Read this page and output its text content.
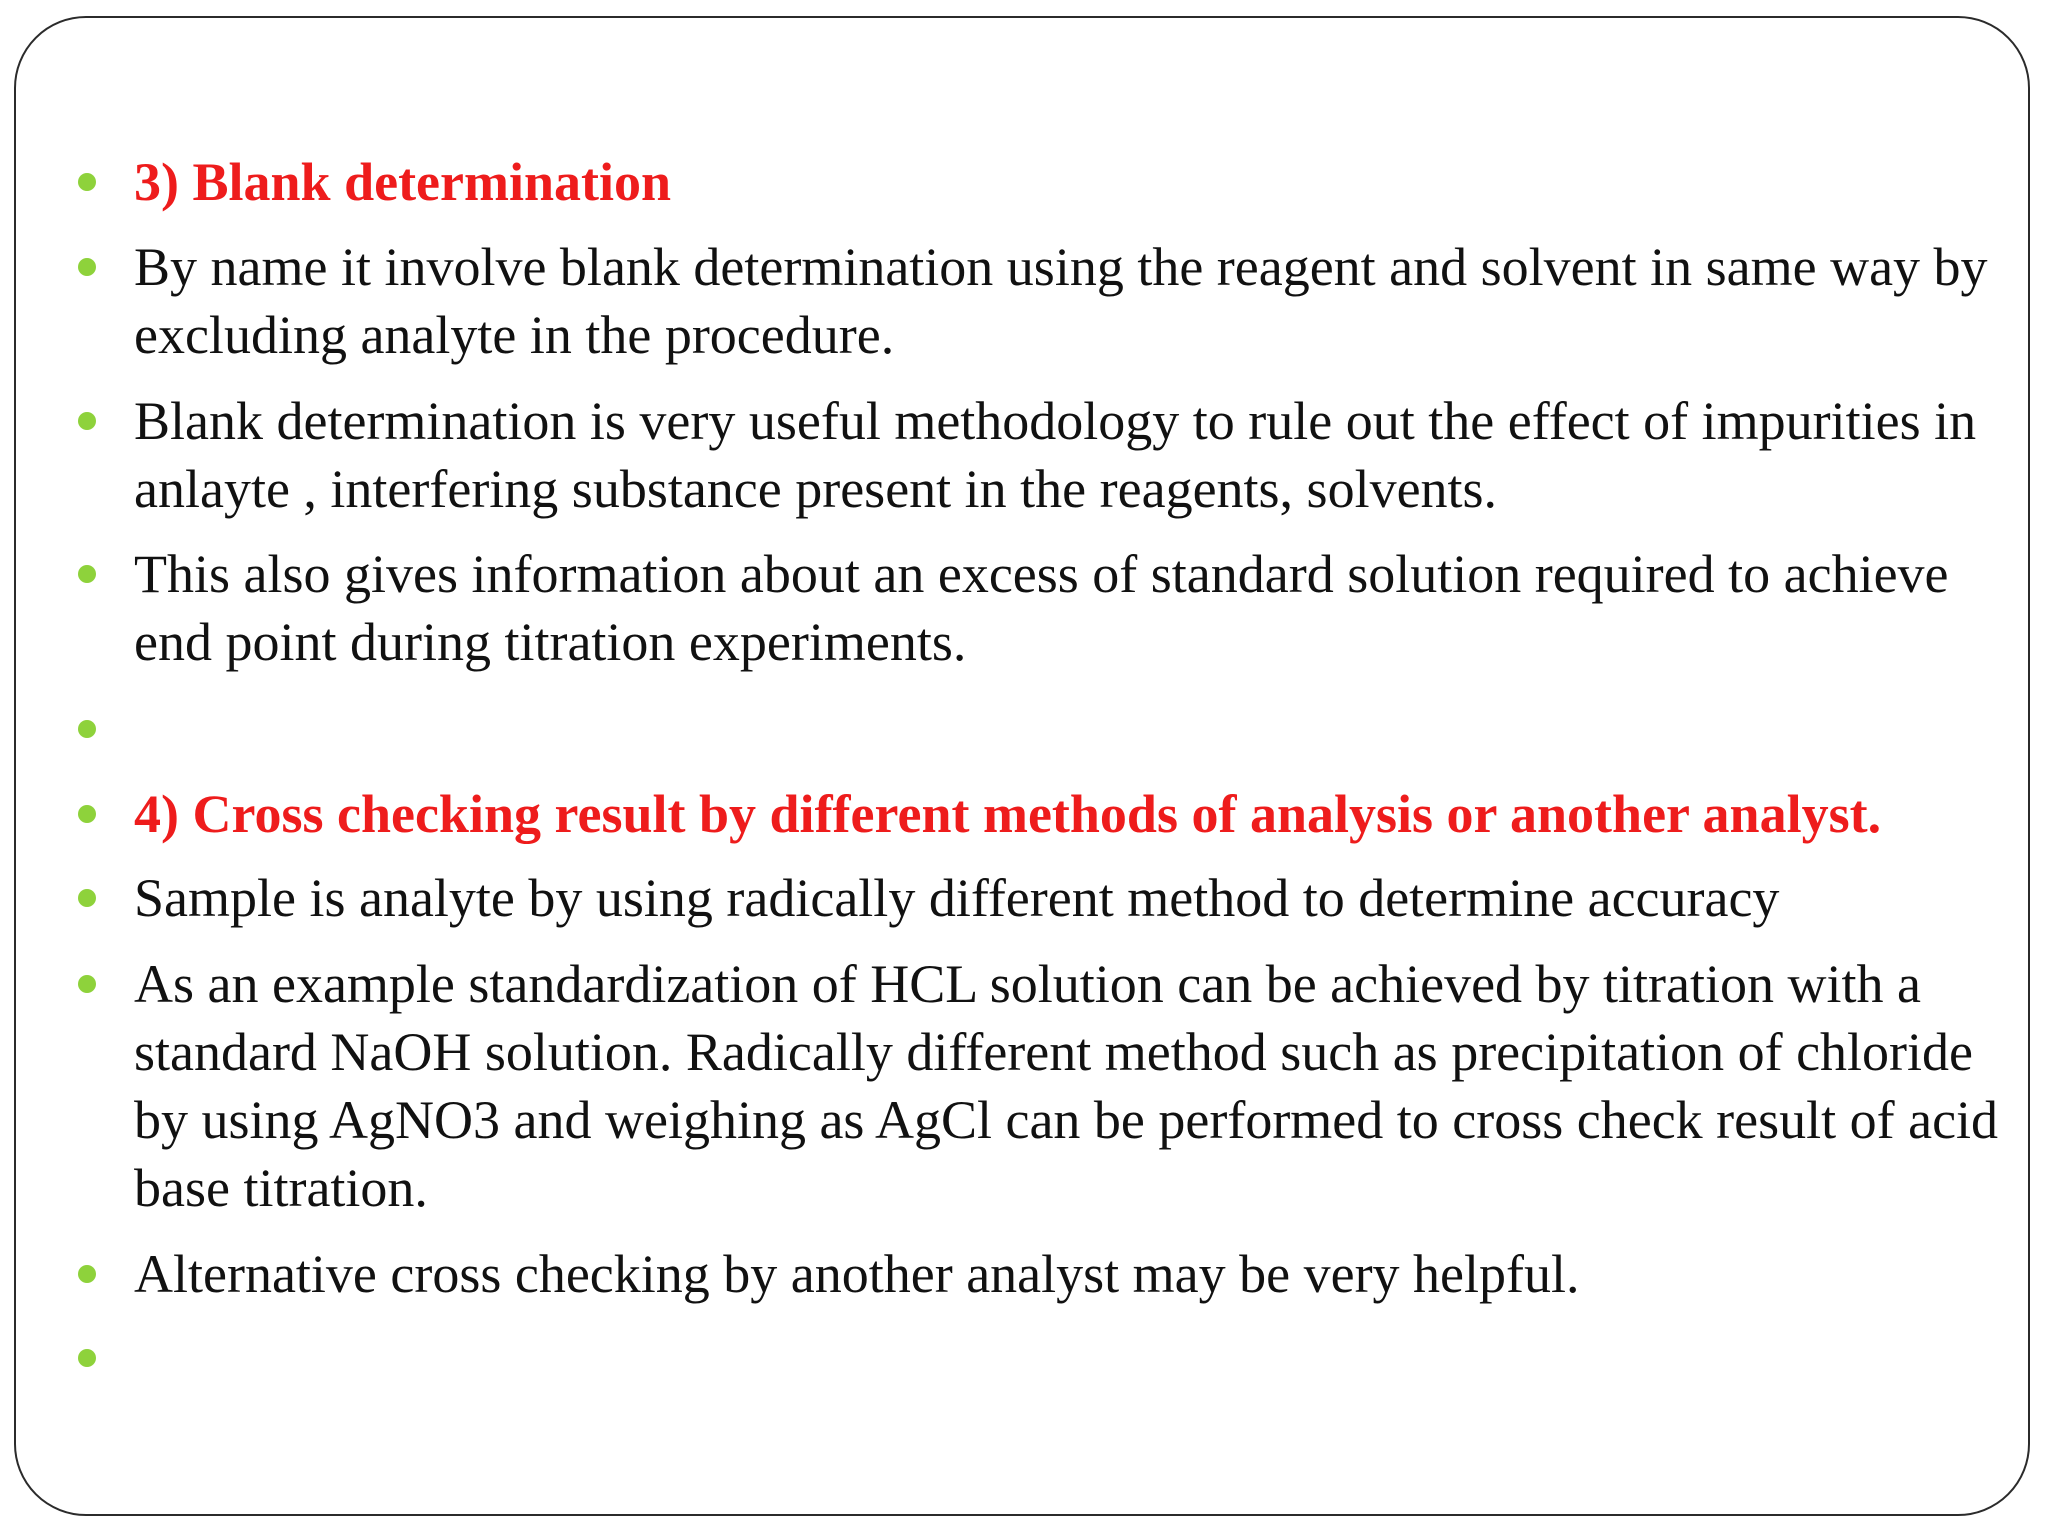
3) Blank determination
By name it involve blank determination using the reagent and solvent in same way by excluding analyte in the procedure.
Blank determination is very useful methodology to rule out the effect of impurities in anlayte , interfering substance present in the reagents, solvents.
This also gives information about an excess of standard solution required to achieve end point during titration experiments.
4) Cross checking result by different methods of analysis or another analyst.
Sample is analyte by using radically different method to determine accuracy
As an example standardization of HCL solution can be achieved by titration with a standard NaOH solution. Radically different method such as precipitation of chloride by using AgNO3 and weighing as AgCl can be performed to cross check result of acid base titration.
Alternative cross checking by another analyst may be very helpful.
